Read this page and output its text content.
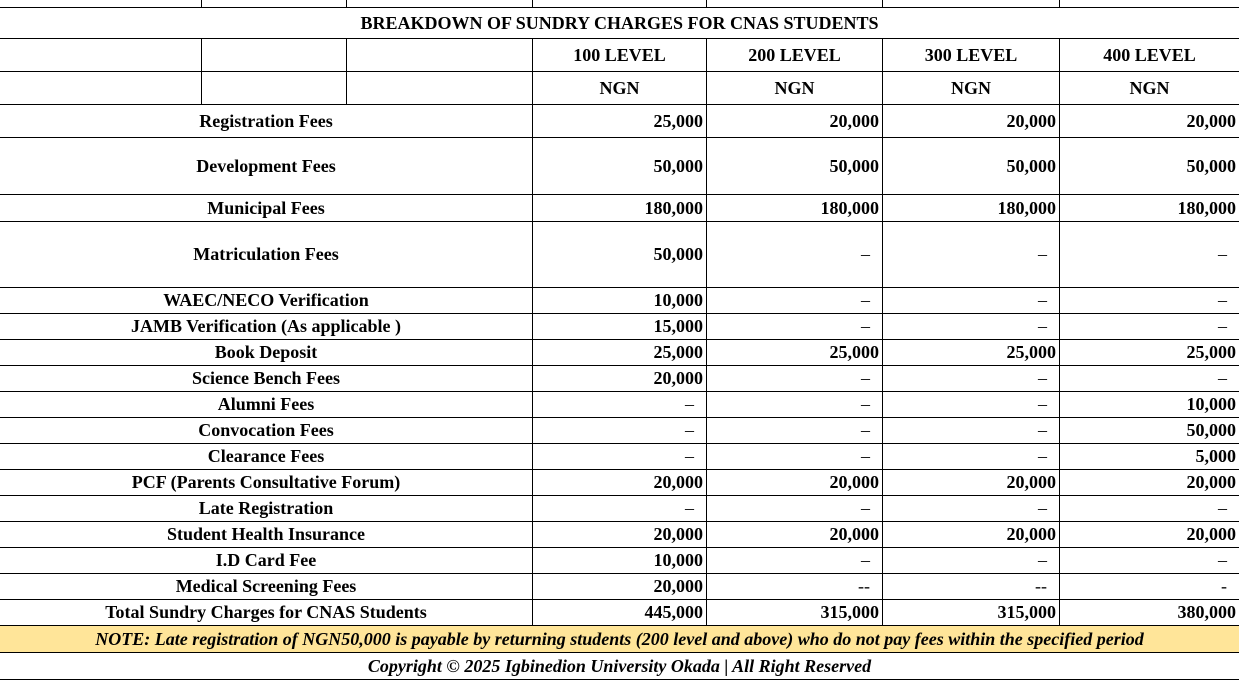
BREAKDOWN OF SUNDRY CHARGES FOR CNAS STUDENTS						
			100 LEVEL	200 LEVEL	300 LEVEL	400 LEVEL
			NGN	NGN	NGN	NGN
Registration Fees			25,000	20,000	20,000	20,000
Development Fees			50,000	50,000	50,000	50,000
Municipal Fees			180,000	180,000	180,000	180,000
Matriculation Fees			50,000	–	–	–
WAEC/NECO Verification			10,000	–	–	–
JAMB Verification (As applicable )			15,000	–	–	–
Book Deposit			25,000	25,000	25,000	25,000
Science Bench Fees			20,000	–	–	–
Alumni Fees			–	–	–	10,000
Convocation Fees			–	–	–	50,000
Clearance Fees			–	–	–	5,000
PCF (Parents Consultative Forum)			20,000	20,000	20,000	20,000
Late Registration			–	–	–	–
Student Health Insurance			20,000	20,000	20,000	20,000
I.D Card Fee			10,000	–	–	–
Medical Screening Fees			20,000	--	--	-
Total Sundry Charges for CNAS Students			445,000	315,000	315,000	380,000
NOTE: Late registration of NGN50,000 is payable by returning students (200 level and above) who do not pay fees within the specified period						
Copyright © 2025 Igbinedion University Okada | All Right Reserved						
